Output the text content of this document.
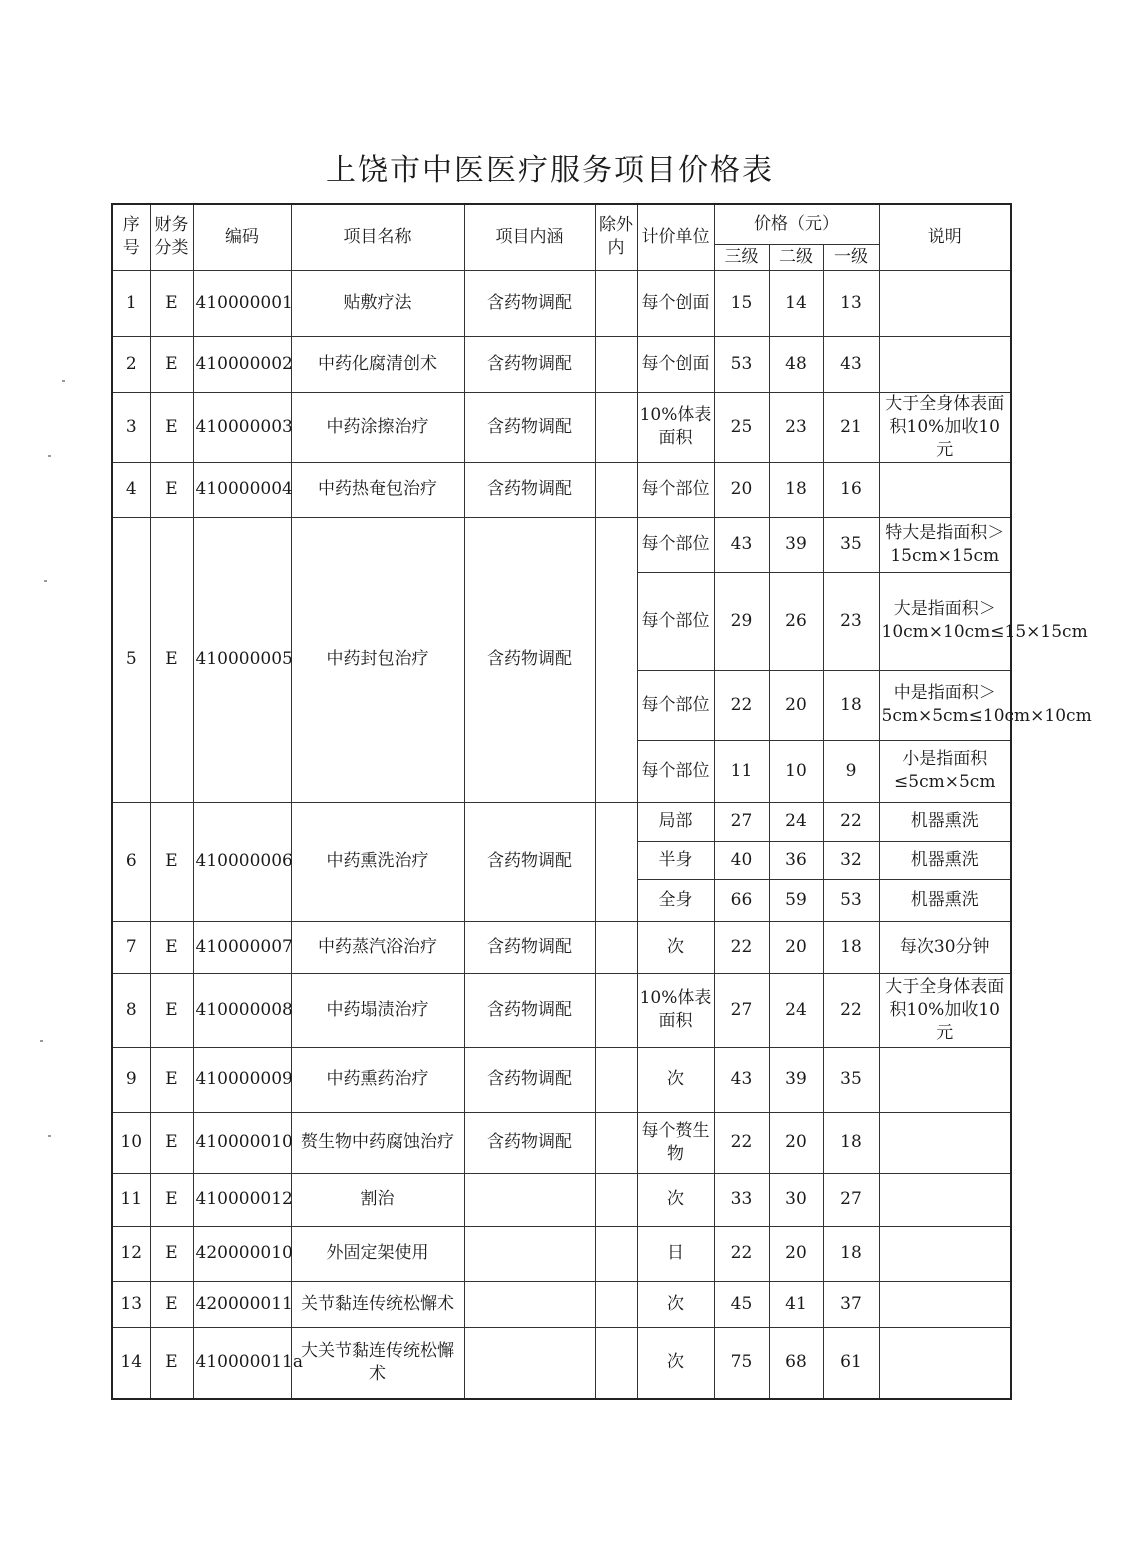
上饶市中医医疗服务项目价格表
序号	财务分类	编码	项目名称	项目内涵	除外内	计价单位	价格（元）			说明
							三级	二级	一级	
1	E	410000001	贴敷疗法	含药物调配		每个创面	15	14	13	
2	E	410000002	中药化腐清创术	含药物调配		每个创面	53	48	43	
3	E	410000003	中药涂擦治疗	含药物调配		10%体表面积	25	23	21	大于全身体表面积10%加收10元
4	E	410000004	中药热奄包治疗	含药物调配		每个部位	20	18	16	
5	E	410000005	中药封包治疗	含药物调配		每个部位	43	39	35	特大是指面积＞15cm×15cm
						每个部位	29	26	23	大是指面积＞10cm×10cm≤15×15cm
						每个部位	22	20	18	中是指面积＞5cm×5cm≤10cm×10cm
						每个部位	11	10	9	小是指面积≤5cm×5cm
6	E	410000006	中药熏洗治疗	含药物调配		局部	27	24	22	机器熏洗
						半身	40	36	32	机器熏洗
						全身	66	59	53	机器熏洗
7	E	410000007	中药蒸汽浴治疗	含药物调配		次	22	20	18	每次30分钟
8	E	410000008	中药塌渍治疗	含药物调配		10%体表面积	27	24	22	大于全身体表面积10%加收10元
9	E	410000009	中药熏药治疗	含药物调配		次	43	39	35	
10	E	410000010	赘生物中药腐蚀治疗	含药物调配		每个赘生物	22	20	18	
11	E	410000012	割治			次	33	30	27	
12	E	420000010	外固定架使用			日	22	20	18	
13	E	420000011	关节黏连传统松懈术			次	45	41	37	
14	E	410000011a	大关节黏连传统松懈术			次	75	68	61	
